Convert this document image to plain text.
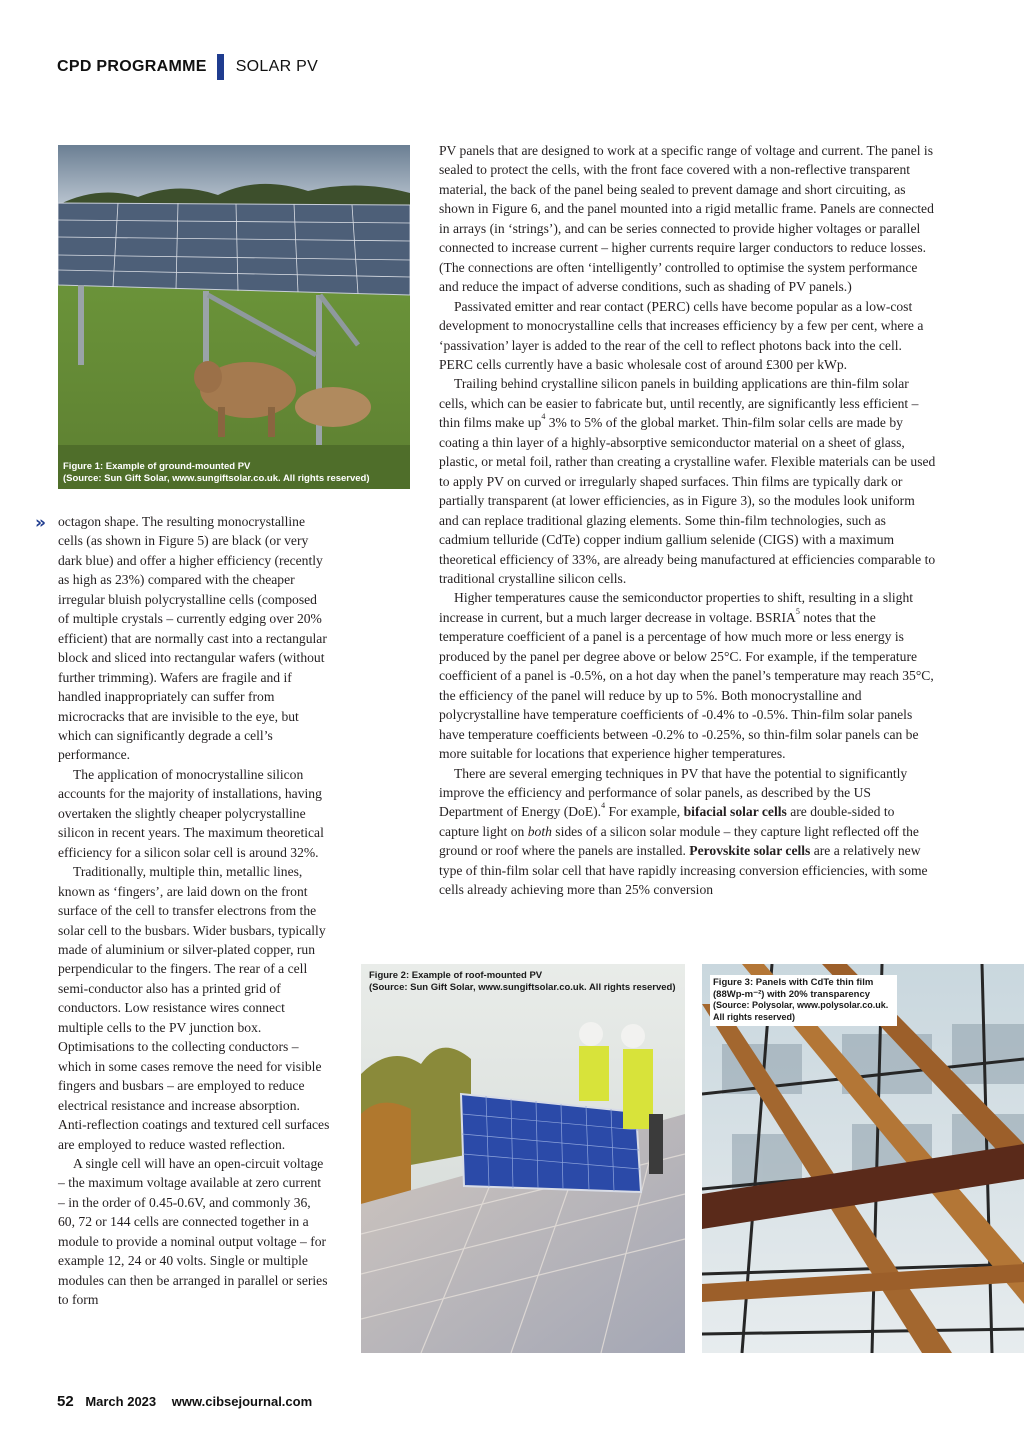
CPD PROGRAMME SOLAR PV
Figure 1: Example of ground-mounted PV
(Source: Sun Gift Solar, www.sungiftsolar.co.uk. All rights reserved)
» octagon shape. The resulting monocrystalline cells (as shown in Figure 5) are black (or very dark blue) and offer a higher efficiency (recently as high as 23%) compared with the cheaper irregular bluish polycrystalline cells (composed of multiple crystals – currently edging over 20% efficient) that are normally cast into a rectangular block and sliced into rectangular wafers (without further trimming). Wafers are fragile and if handled inappropriately can suffer from microcracks that are invisible to the eye, but which can significantly degrade a cell’s performance.

The application of monocrystalline silicon accounts for the majority of installations, having overtaken the slightly cheaper polycrystalline silicon in recent years. The maximum theoretical efficiency for a silicon solar cell is around 32%.

Traditionally, multiple thin, metallic lines, known as ‘fingers’, are laid down on the front surface of the cell to transfer electrons from the solar cell to the busbars. Wider busbars, typically made of aluminium or silver-plated copper, run perpendicular to the fingers. The rear of a cell semi-conductor also has a printed grid of conductors. Low resistance wires connect multiple cells to the PV junction box. Optimisations to the collecting conductors – which in some cases remove the need for visible fingers and busbars – are employed to reduce electrical resistance and increase absorption. Anti-reflection coatings and textured cell surfaces are employed to reduce wasted reflection.

A single cell will have an open-circuit voltage – the maximum voltage available at zero current – in the order of 0.45-0.6V, and commonly 36, 60, 72 or 144 cells are connected together in a module to provide a nominal output voltage – for example 12, 24 or 40 volts. Single or multiple modules can then be arranged in parallel or series to form

PV panels that are designed to work at a specific range of voltage and current. The panel is sealed to protect the cells, with the front face covered with a non-reflective transparent material, the back of the panel being sealed to prevent damage and short circuiting, as shown in Figure 6, and the panel mounted into a rigid metallic frame. Panels are connected in arrays (in ‘strings’), and can be series connected to provide higher voltages or parallel connected to increase current – higher currents require larger conductors to reduce losses. (The connections are often ‘intelligently’ controlled to optimise the system performance and reduce the impact of adverse conditions, such as shading of PV panels.)

Passivated emitter and rear contact (PERC) cells have become popular as a low-cost development to monocrystalline cells that increases efficiency by a few per cent, where a ‘passivation’ layer is added to the rear of the cell to reflect photons back into the cell. PERC cells currently have a basic wholesale cost of around £300 per kWp.

Trailing behind crystalline silicon panels in building applications are thin-film solar cells, which can be easier to fabricate but, until recently, are significantly less efficient –thin films make $up^4$ 3% to 5% of the global market. Thin-film solar cells are made by coating a thin layer of a highly-absorptive semiconductor material on a sheet of glass, plastic, or metal foil, rather than creating a crystalline wafer. Flexible materials can be used to apply PV on curved or irregularly shaped surfaces. Thin films are typically dark or partially transparent (at lower efficiencies, as in Figure 3), so the modules look uniform and can replace traditional glazing elements. Some thin-film technologies, such as cadmium telluride (CdTe) copper indium gallium selenide (CIGS) with a maximum theoretical efficiency of 33%, are already being manufactured at efficiencies comparable to traditional crystalline silicon cells.

Higher temperatures cause the semiconductor properties to shift, resulting in a slight increase in current, but a much larger decrease in voltage. BSRIA$^5$ notes that the temperature coefficient of a panel is a percentage of how much more or less energy is produced by the panel per degree above or below 25°C. For example, if the temperature coefficient of a panel is -0.5%, on a hot day when the panel’s temperature may reach 35°C, the efficiency of the panel will reduce by up to 5%. Both monocrystalline and polycrystalline have temperature coefficients of -0.4% to -0.5%. Thin-film solar panels have temperature coefficients between -0.2% to -0.25%, so thin-film solar panels can be more suitable for locations that experience higher temperatures.

There are several emerging techniques in PV that have the potential to significantly improve the efficiency and performance of solar panels, as described by the US Department of Energy (DoE).$^4$ For example, bifacial solar cells are double-sided to capture light on both sides of a silicon solar module – they capture light reflected off the ground or roof where the panels are installed. Perovskite solar cells are a relatively new type of thin-film solar cell that have rapidly increasing conversion efficiencies, with some cells already achieving more than 25% conversion

Figure 2: Example of roof-mounted PV
(Source: Sun Gift Solar, www.sungiftsolar.co.uk. All rights reserved)	Figure 3: Panels with CdTe thin film (88Wp-m⁻²) with 20% transparency
(Source: Polysolar, www.polysolar.co.uk. All rights reserved)
52 March 2023 www.cibsejournal.com
